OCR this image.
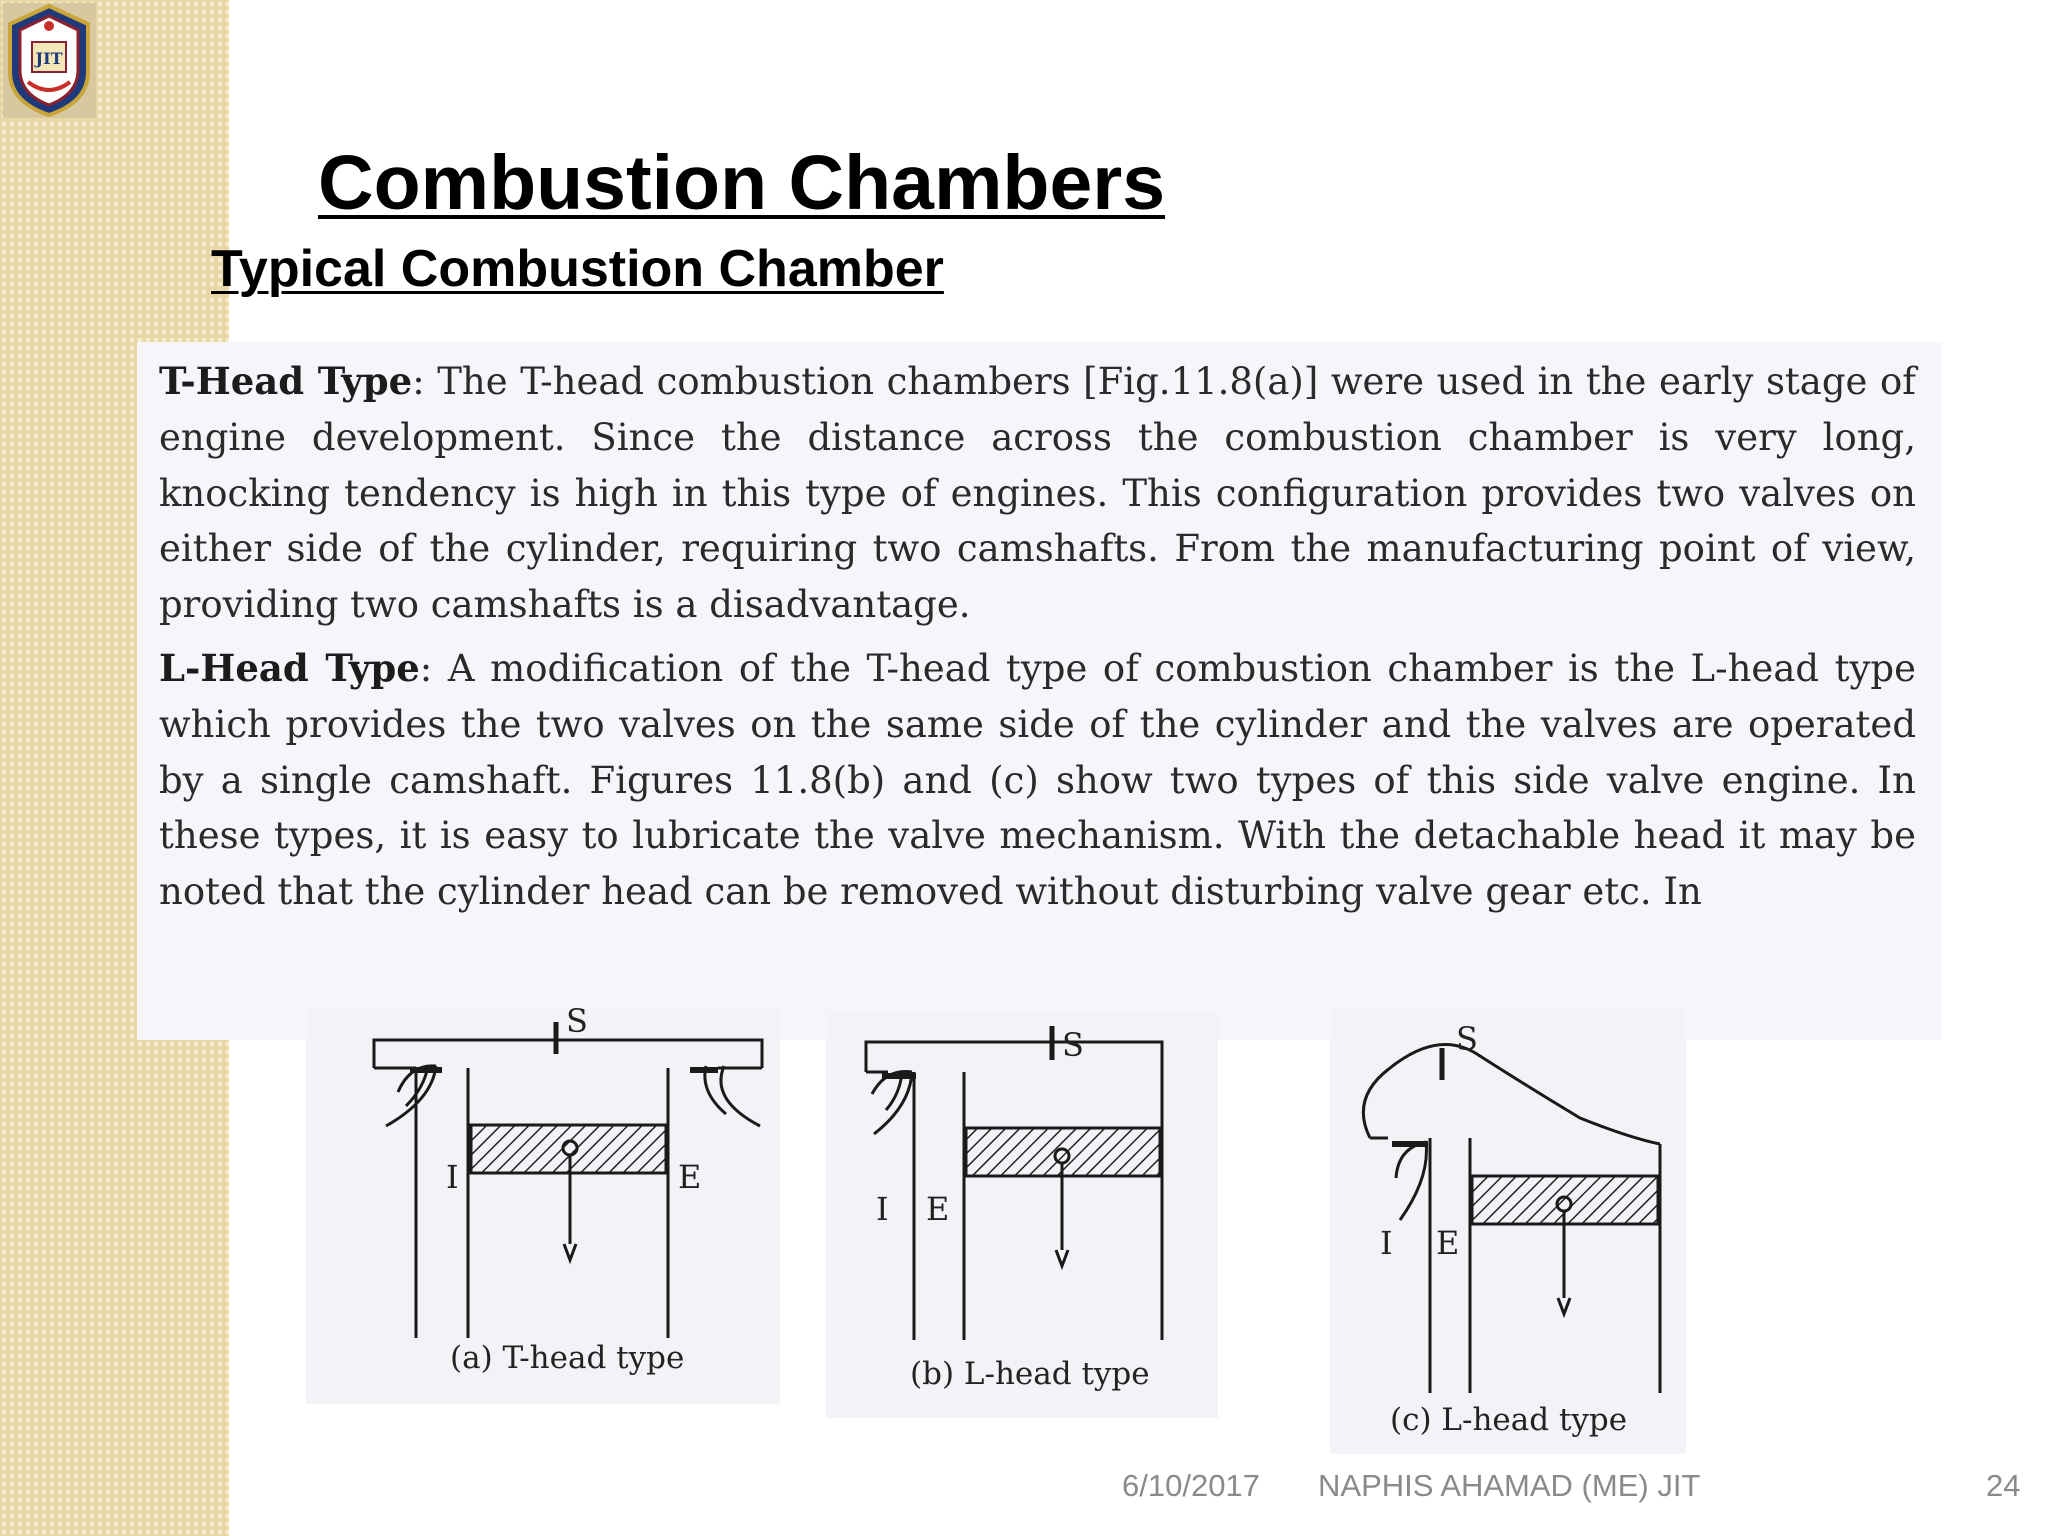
JIT
Combustion Chambers
Typical Combustion Chamber

T-Head Type: The T-head combustion chambers [Fig.11.8(a)] were used in the early stage of engine development. Since the distance across the combustion chamber is very long, knocking tendency is high in this type of engines. This configuration provides two valves on either side of the cylinder, requiring two camshafts. From the manufacturing point of view, providing two camshafts is a disadvantage.

L-Head Type: A modification of the T-head type of combustion chamber is the L-head type which provides the two valves on the same side of the cylinder and the valves are operated by a single camshaft. Figures 11.8(b) and (c) show two types of this side valve engine. In these types, it is easy to lubricate the valve mechanism. With the detachable head it may be noted that the cylinder head can be removed without disturbing valve gear etc. In

S
I	E
(a) T-head type
S
I E
(b) L-head type
S
I E
(c) L-head type
6/10/2017 NAPHIS AHAMAD (ME) JIT	24
